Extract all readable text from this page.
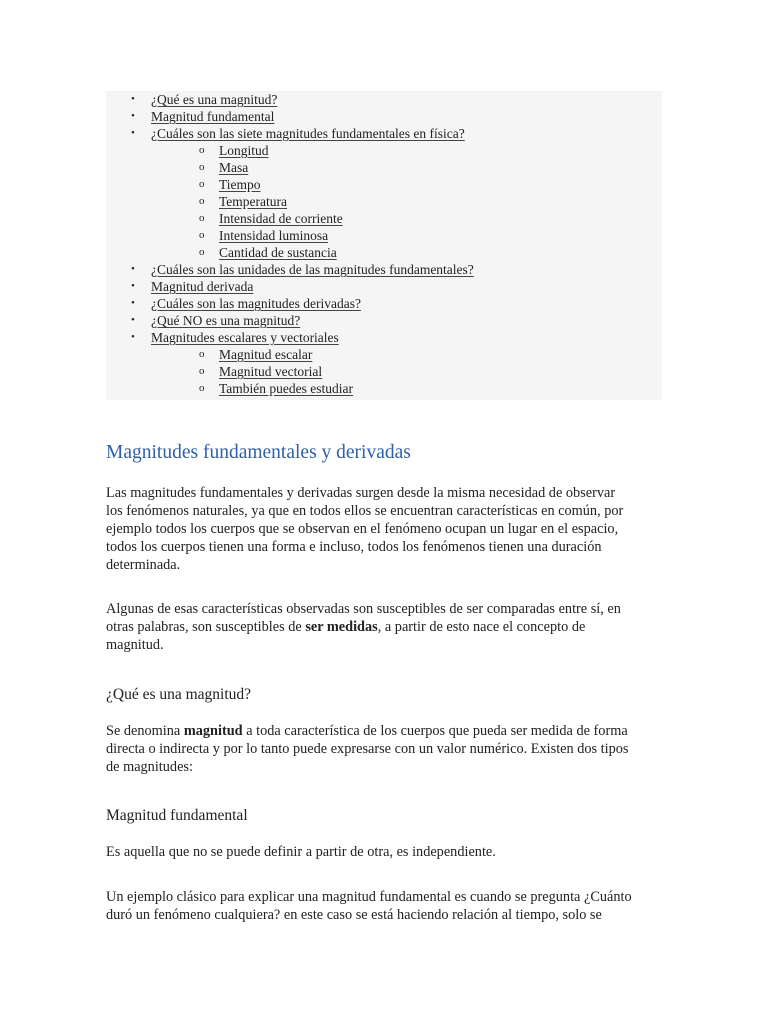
• ¿Qué es una magnitud?
• Magnitud fundamental
• ¿Cuáles son las siete magnitudes fundamentales en física?
o Longitud
o Masa
o Tiempo
o Temperatura
o Intensidad de corriente
o Intensidad luminosa
o Cantidad de sustancia
• ¿Cuáles son las unidades de las magnitudes fundamentales?
• Magnitud derivada
• ¿Cuáles son las magnitudes derivadas?
• ¿Qué NO es una magnitud?
• Magnitudes escalares y vectoriales
o Magnitud escalar
o Magnitud vectorial
o También puedes estudiar
Magnitudes fundamentales y derivadas

Las magnitudes fundamentales y derivadas surgen desde la misma necesidad de observar
los fenómenos naturales, ya que en todos ellos se encuentran características en común, por
ejemplo todos los cuerpos que se observan en el fenómeno ocupan un lugar en el espacio,
todos los cuerpos tienen una forma e incluso, todos los fenómenos tienen una duración
determinada.

Algunas de esas características observadas son susceptibles de ser comparadas entre sí, en
otras palabras, son susceptibles de ser medidas, a partir de esto nace el concepto de
magnitud.

¿Qué es una magnitud?

Se denomina magnitud a toda característica de los cuerpos que pueda ser medida de forma
directa o indirecta y por lo tanto puede expresarse con un valor numérico. Existen dos tipos
de magnitudes:

Magnitud fundamental

Es aquella que no se puede definir a partir de otra, es independiente.

Un ejemplo clásico para explicar una magnitud fundamental es cuando se pregunta ¿Cuánto
duró un fenómeno cualquiera? en este caso se está haciendo relación al tiempo, solo se
